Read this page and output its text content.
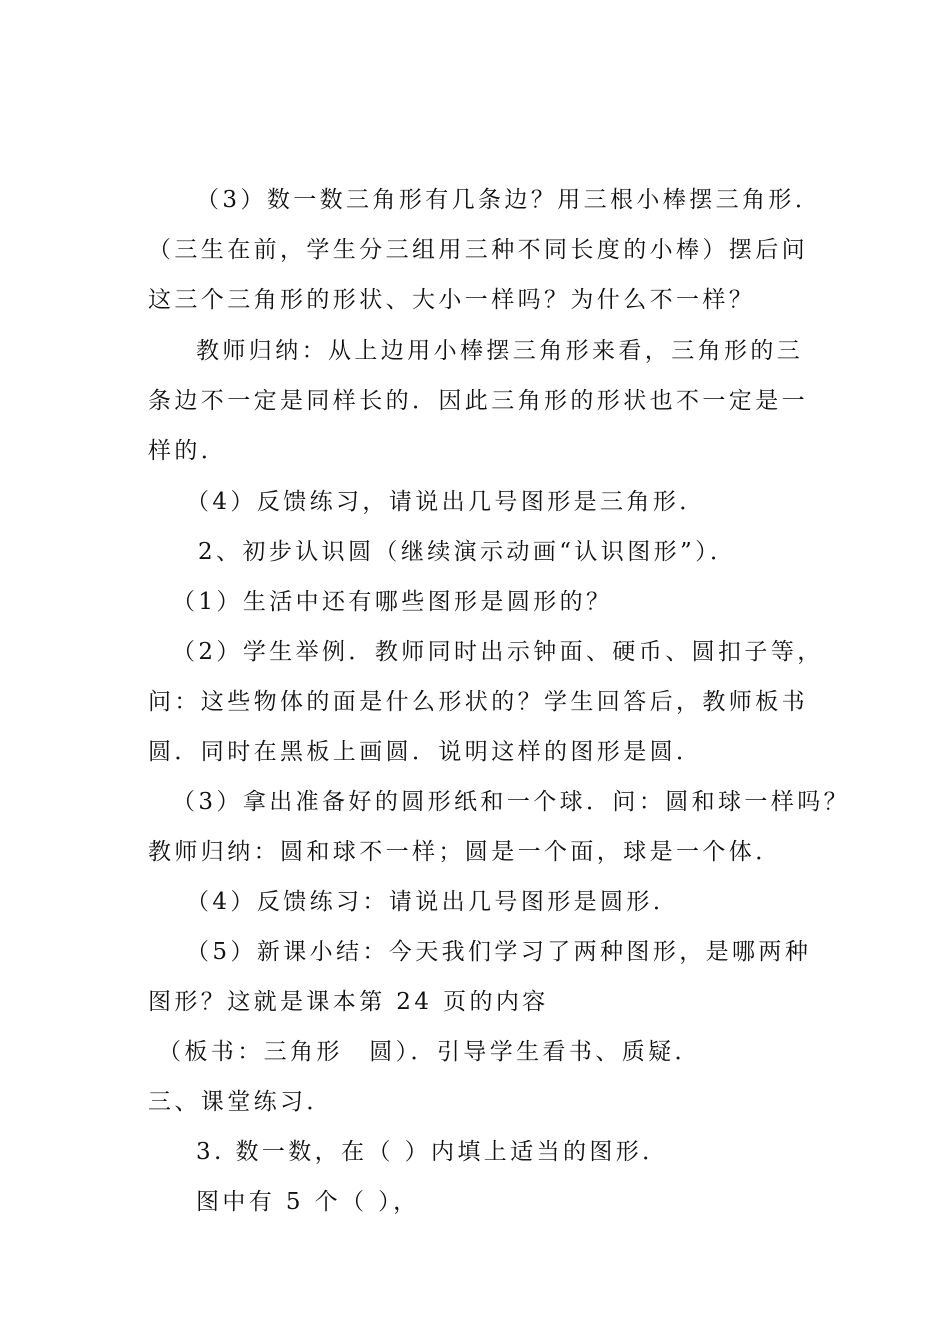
（3）数一数三角形有几条边？用三根小棒摆三角形．
（三生在前，学生分三组用三种不同长度的小棒）摆后问
这三个三角形的形状、大小一样吗？为什么不一样？
教师归纳：从上边用小棒摆三角形来看，三角形的三
条边不一定是同样长的．因此三角形的形状也不一定是一
样的．
（4）反馈练习，请说出几号图形是三角形．
2、初步认识圆（继续演示动画“认识图形”）．
（1）生活中还有哪些图形是圆形的？
（2）学生举例．教师同时出示钟面、硬币、圆扣子等，
问：这些物体的面是什么形状的？学生回答后，教师板书
圆．同时在黑板上画圆．说明这样的图形是圆．
（3）拿出准备好的圆形纸和一个球．问：圆和球一样吗？
教师归纳：圆和球不一样；圆是一个面，球是一个体．
（4）反馈练习：请说出几号图形是圆形．
（5）新课小结：今天我们学习了两种图形，是哪两种
图形？这就是课本第 24 页的内容
（板书：三角形　圆）．引导学生看书、质疑．
三、课堂练习．
3. 数一数，在（ ）内填上适当的图形．
图中有 5 个（ ），
